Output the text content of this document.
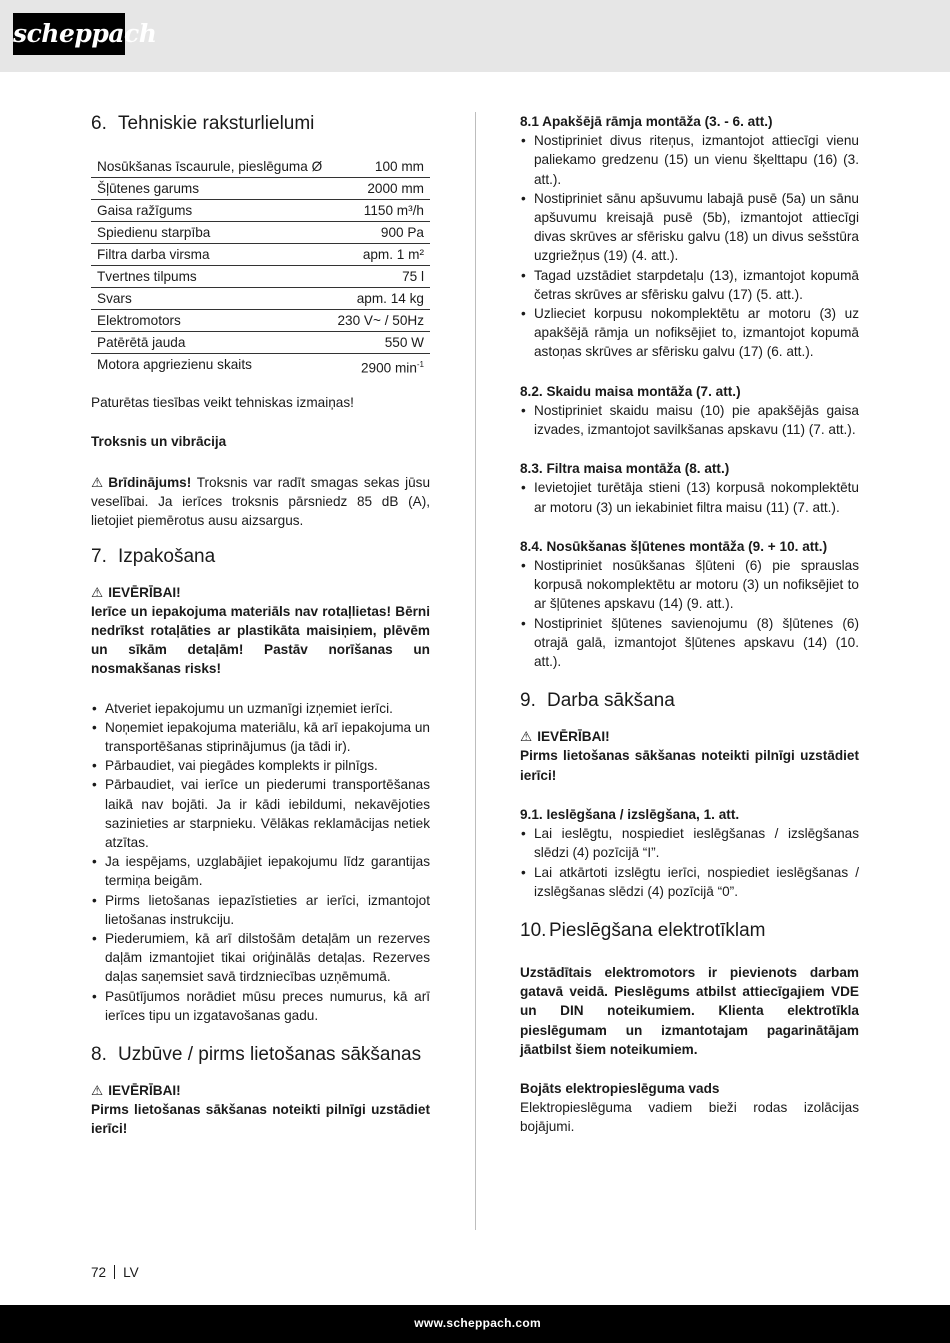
scheppach
6. Tehniskie raksturlielumi
Nosūkšanas īscaurule, pieslēguma Ø	100 mm
Šļūtenes garums	2000 mm
Gaisa ražīgums	1150 m³/h
Spiedienu starpība	900 Pa
Filtra darba virsma	apm. 1 m²
Tvertnes tilpums	75 l
Svars	apm. 14 kg
Elektromotors	230 V~ / 50Hz
Patērētā jauda	550 W
Motora apgriezienu skaits	2900 $\min^{-1}$

Paturētas tiesības veikt tehniskas izmaiņas!

Troksnis un vibrācija

⚠ Brīdinājums! Troksnis var radīt smagas sekas jūsu veselībai. Ja ierīces troksnis pārsniedz 85 dB (A), lietojiet piemērotus ausu aizsargus.

7. Izpakošana

⚠ IEVĒRĪBAI!

Ierīce un iepakojuma materiāls nav rotaļlietas! Bērni nedrīkst rotaļāties ar plastikāta maisiņiem, plēvēm un sīkām detaļām! Pastāv norīšanas un nosmakšanas risks!

• Atveriet iepakojumu un uzmanīgi izņemiet ierīci.
• Noņemiet iepakojuma materiālu, kā arī iepakojuma un transportēšanas stiprinājumus (ja tādi ir).
• Pārbaudiet, vai piegādes komplekts ir pilnīgs.
• Pārbaudiet, vai ierīce un piederumi transportēšanas laikā nav bojāti. Ja ir kādi iebildumi, nekavējoties sazinieties ar starpnieku. Vēlākas reklamācijas netiek atzītas.
• Ja iespējams, uzglabājiet iepakojumu līdz garantijas termiņa beigām.
• Pirms lietošanas iepazīstieties ar ierīci, izmantojot lietošanas instrukciju.
• Piederumiem, kā arī dilstošām detaļām un rezerves daļām izmantojiet tikai oriģinālās detaļas. Rezerves daļas saņemsiet savā tirdzniecības uzņēmumā.
• Pasūtījumos norādiet mūsu preces numurus, kā arī ierīces tipu un izgatavošanas gadu.
8. Uzbūve / pirms lietošanas sākšanas

⚠ IEVĒRĪBAI!

Pirms lietošanas sākšanas noteikti pilnīgi uzstādiet ierīci!

8.1 Apakšējā rāmja montāža (3. - 6. att.)

• Nostipriniet divus riteņus, izmantojot attiecīgi vienu paliekamo gredzenu (15) un vienu šķelttapu (16) (3. att.).
• Nostipriniet sānu apšuvumu labajā pusē (5a) un sānu apšuvumu kreisajā pusē (5b), izmantojot attiecīgi divas skrūves ar sfērisku galvu (18) un divus sešstūra uzgriežņus (19) (4. att.).
• Tagad uzstādiet starpdetaļu (13), izmantojot kopumā četras skrūves ar sfērisku galvu (17) (5. att.).
• Uzlieciet korpusu nokomplektētu ar motoru (3) uz apakšējā rāmja un nofiksējiet to, izmantojot kopumā astoņas skrūves ar sfērisku galvu (17) (6. att.).

8.2. Skaidu maisa montāža (7. att.)

• Nostipriniet skaidu maisu (10) pie apakšējās gaisa izvades, izmantojot savilkšanas apskavu (11) (7. att.).

8.3. Filtra maisa montāža (8. att.)

• Ievietojiet turētāja stieni (13) korpusā nokomplektētu ar motoru (3) un iekabiniet filtra maisu (11) (7. att.).

8.4. Nosūkšanas šļūtenes montāža (9. + 10. att.)

• Nostipriniet nosūkšanas šļūteni (6) pie sprauslas korpusā nokomplektētu ar motoru (3) un nofiksējiet to ar šļūtenes apskavu (14) (9. att.).
• Nostipriniet šļūtenes savienojumu (8) šļūtenes (6) otrajā galā, izmantojot šļūtenes apskavu (14) (10. att.).
9. Darba sākšana

⚠ IEVĒRĪBAI!

Pirms lietošanas sākšanas noteikti pilnīgi uzstādiet ierīci!

9.1. Ieslēgšana / izslēgšana, 1. att.

• Lai ieslēgtu, nospiediet ieslēgšanas / izslēgšanas slēdzi (4) pozīcijā “I”.
• Lai atkārtoti izslēgtu ierīci, nospiediet ieslēgšanas / izslēgšanas slēdzi (4) pozīcijā “0”.
10. Pieslēgšana elektrotīklam

Uzstādītais elektromotors ir pievienots darbam gatavā veidā. Pieslēgums atbilst attiecīgajiem VDE un DIN noteikumiem. Klienta elektrotīkla pieslēgumam un izmantotajam pagarinātājam jāatbilst šiem noteikumiem.

Bojāts elektropieslēguma vads

Elektropieslēguma vadiem bieži rodas izolācijas bojājumi.

72 LV
www.scheppach.com
